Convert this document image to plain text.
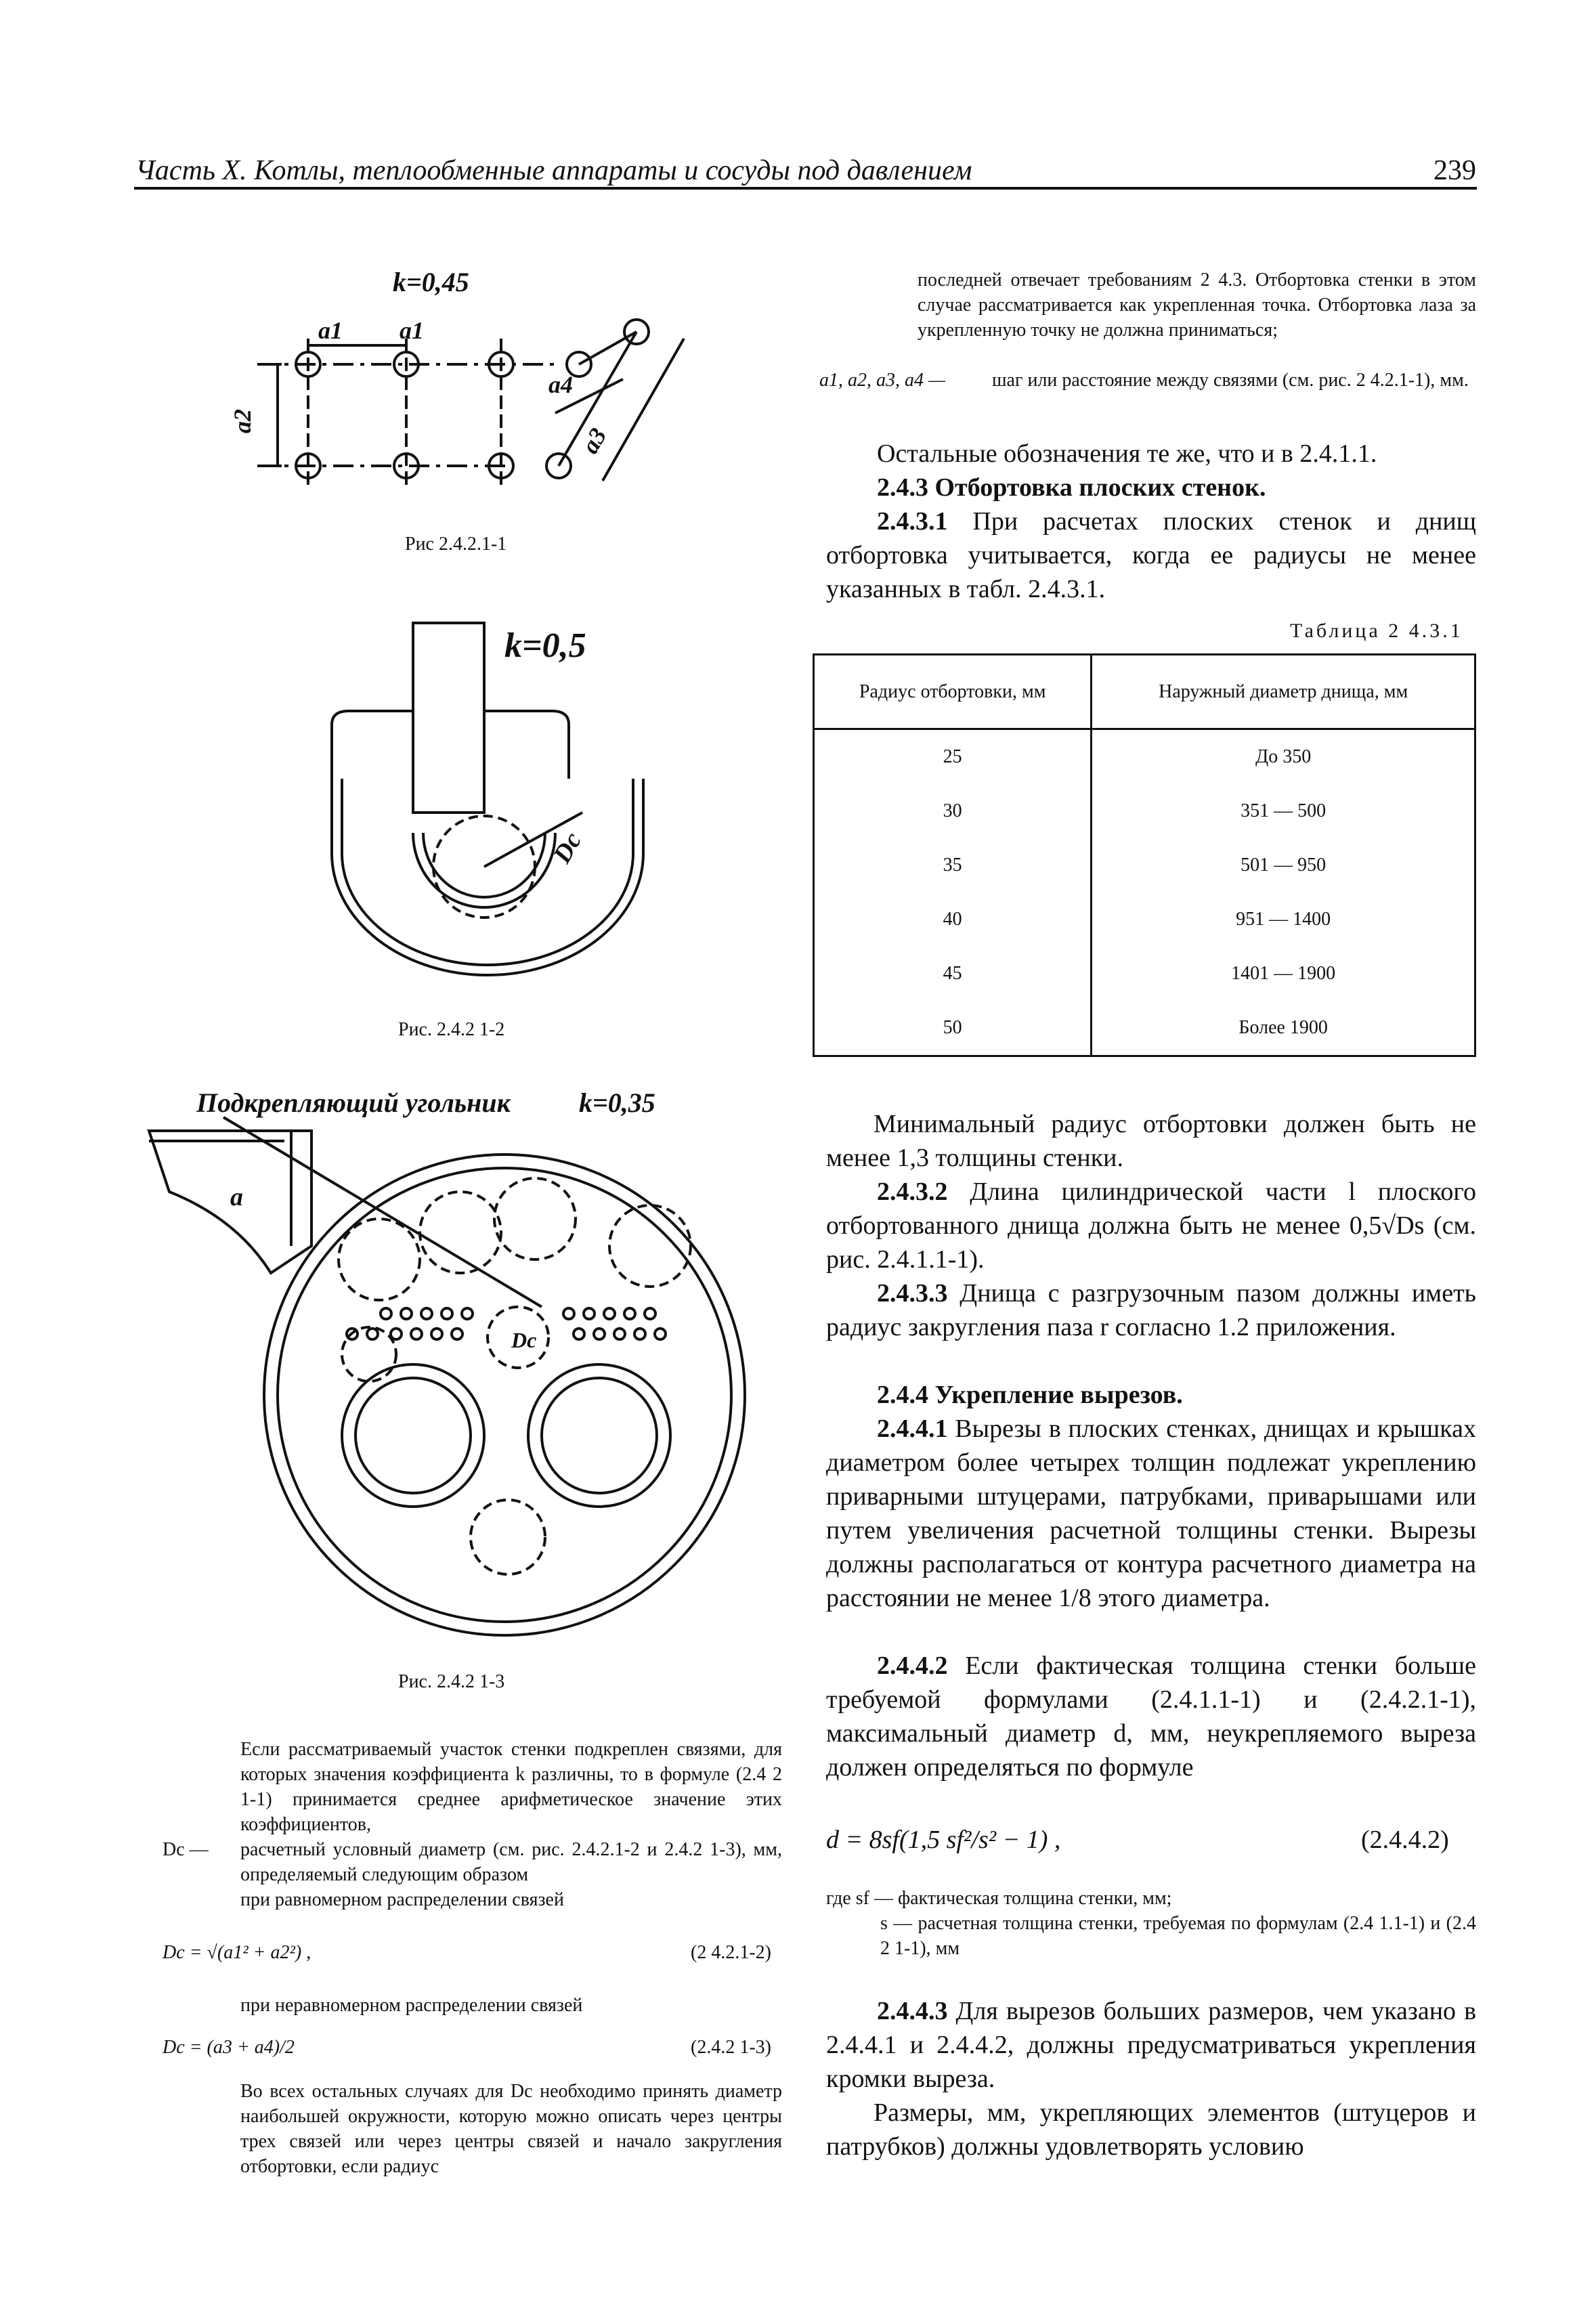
Часть X. Котлы, теплообменные аппараты и сосуды под давлением	239
k=0,45
a1 a1
a2
a4
a3
Рис 2.4.2.1-1
k=0,5
Dc
Рис. 2.4.2 1-2
Подкрепляющий угольник	k=0,35
a
Dc
Рис. 2.4.2 1-3
Если рассматриваемый участок стенки подкреплен связями, для которых значения коэффициента k различны, то в формуле (2.4 2 1-1) принимается среднее арифметическое значение этих коэффициентов,
Dc — расчетный условный диаметр (см. рис. 2.4.2.1-2 и 2.4.2 1-3), мм, определяемый следующим образом
при равномерном распределении связей
Dc = √(a1² + a2²) ,	(2 4.2.1-2)
при неравномерном распределении связей
Dc = (a3 + a4)/2	(2.4.2 1-3)
Во всех остальных случаях для Dc необходимо принять диаметр наибольшей окружности, которую можно описать через центры трех связей или через центры связей и начало закругления отбортовки, если радиус
последней отвечает требованиям 2 4.3. Отбортовка стенки в этом случае рассматривается как укрепленная точка. Отбортовка лаза за укрепленную точку не должна приниматься;
a1, a2, a3, a4 — шаг или расстояние между связями (см. рис. 2 4.2.1-1), мм.
Остальные обозначения те же, что и в 2.4.1.1.
2.4.3 Отбортовка плоских стенок.
2.4.3.1 При расчетах плоских стенок и днищ отбортовка учитывается, когда ее радиусы не менее указанных в табл. 2.4.3.1.
Таблица 2 4.3.1
Радиус отбортовки, мм	Наружный диаметр днища, мм
25	До 350
30	351 — 500
35	501 — 950
40	951 — 1400
45	1401 — 1900
50	Более 1900
Минимальный радиус отбортовки должен быть не менее 1,3 толщины стенки.
2.4.3.2 Длина цилиндрической части l плоского отбортованного днища должна быть не менее 0,5√Ds (см. рис. 2.4.1.1-1).
2.4.3.3 Днища с разгрузочным пазом должны иметь радиус закругления паза r согласно 1.2 приложения.
2.4.4 Укрепление вырезов.
2.4.4.1 Вырезы в плоских стенках, днищах и крышках диаметром более четырех толщин подлежат укреплению приварными штуцерами, патрубками, приварышами или путем увеличения расчетной толщины стенки. Вырезы должны располагаться от контура расчетного диаметра на расстоянии не менее 1/8 этого диаметра.
2.4.4.2 Если фактическая толщина стенки больше требуемой формулами (2.4.1.1-1) и (2.4.2.1-1), максимальный диаметр d, мм, неукрепляемого выреза должен определяться по формуле
d = 8sf(1,5 sf²/s² − 1) ,	(2.4.4.2)
где sf — фактическая толщина стенки, мм;
s — расчетная толщина стенки, требуемая по формулам (2.4 1.1-1) и (2.4 2 1-1), мм
2.4.4.3 Для вырезов больших размеров, чем указано в 2.4.4.1 и 2.4.4.2, должны предусматриваться укрепления кромки выреза.
Размеры, мм, укрепляющих элементов (штуцеров и патрубков) должны удовлетворять условию
